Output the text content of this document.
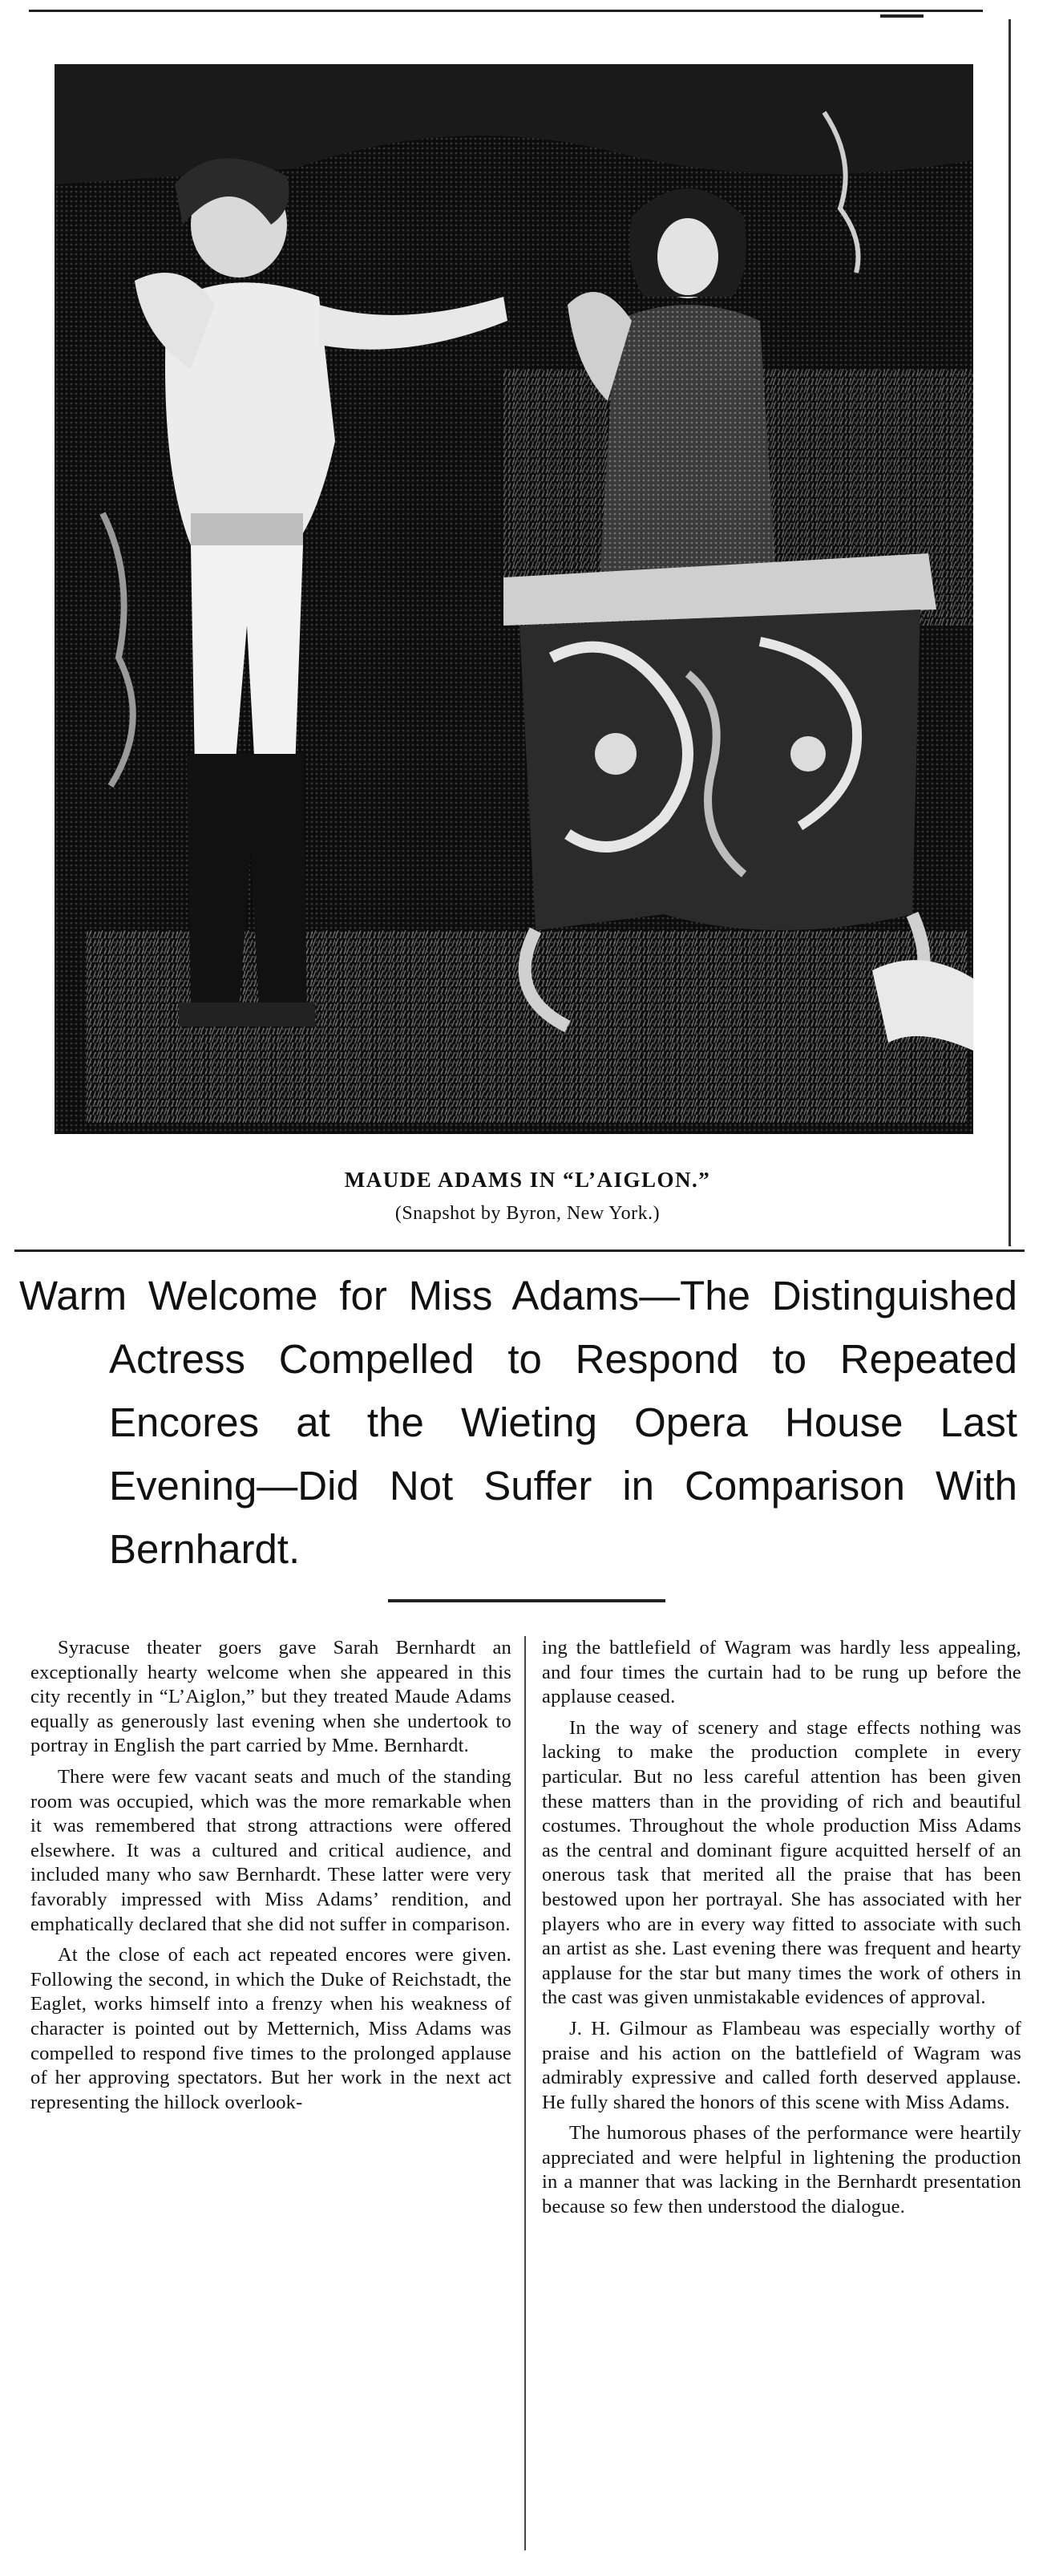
MAUDE ADAMS IN “L’AIGLON.”
(Snapshot by Byron, New York.)
Warm Welcome for Miss Adams—The Distinguished Actress Compelled to Respond to Repeated Encores at the Wieting Opera House Last Evening—Did Not Suffer in Comparison With Bernhardt.

Syracuse theater goers gave Sarah Bernhardt an exceptionally hearty welcome when she appeared in this city recently in “L’Aiglon,” but they treated Maude Adams equally as generously last evening when she undertook to portray in English the part carried by Mme. Bernhardt.

There were few vacant seats and much of the standing room was occupied, which was the more remarkable when it was remembered that strong attractions were offered elsewhere. It was a cultured and critical audience, and included many who saw Bernhardt. These latter were very favorably impressed with Miss Adams’ rendition, and emphatically declared that she did not suffer in comparison.

At the close of each act repeated encores were given. Following the second, in which the Duke of Reichstadt, the Eaglet, works himself into a frenzy when his weakness of character is pointed out by Metternich, Miss Adams was compelled to respond five times to the prolonged applause of her approving spectators. But her work in the next act representing the hillock overlook-

ing the battlefield of Wagram was hardly less appealing, and four times the curtain had to be rung up before the applause ceased.

In the way of scenery and stage effects nothing was lacking to make the production complete in every particular. But no less careful attention has been given these matters than in the providing of rich and beautiful costumes. Throughout the whole production Miss Adams as the central and dominant figure acquitted herself of an onerous task that merited all the praise that has been bestowed upon her portrayal. She has associated with her players who are in every way fitted to associate with such an artist as she. Last evening there was frequent and hearty applause for the star but many times the work of others in the cast was given unmistakable evidences of approval.

J. H. Gilmour as Flambeau was especially worthy of praise and his action on the battlefield of Wagram was admirably expressive and called forth deserved applause. He fully shared the honors of this scene with Miss Adams.

The humorous phases of the performance were heartily appreciated and were helpful in lightening the production in a manner that was lacking in the Bernhardt presentation because so few then understood the dialogue.
